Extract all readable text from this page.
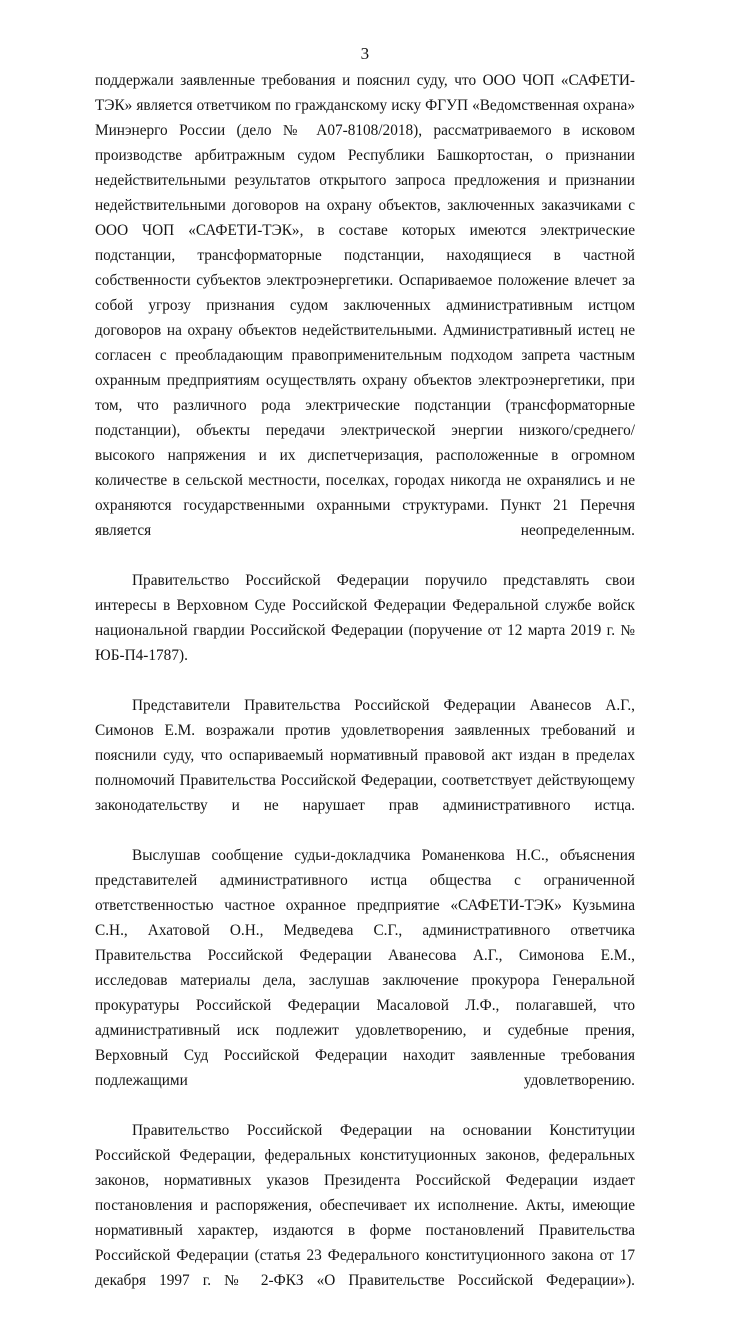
3

поддержали заявленные требования и пояснил суду, что ООО ЧОП «САФЕТИ-ТЭК» является ответчиком по гражданскому иску ФГУП «Ведомственная охрана» Минэнерго России (дело № А07-8108/2018), рассматриваемого в исковом производстве арбитражным судом Республики Башкортостан, о признании недействительными результатов открытого запроса предложения и признании недействительными договоров на охрану объектов, заключенных заказчиками с ООО ЧОП «САФЕТИ-ТЭК», в составе которых имеются электрические подстанции, трансформаторные подстанции, находящиеся в частной собственности субъектов электроэнергетики. Оспариваемое положение влечет за собой угрозу признания судом заключенных административным истцом договоров на охрану объектов недействительными. Административный истец не согласен с преобладающим правоприменительным подходом запрета частным охранным предприятиям осуществлять охрану объектов электроэнергетики, при том, что различного рода электрические подстанции (трансформаторные подстанции), объекты передачи электрической энергии низкого/среднего/высокого напряжения и их диспетчеризация, расположенные в огромном количестве в сельской местности, поселках, городах никогда не охранялись и не охраняются государственными охранными структурами. Пункт 21 Перечня является неопределенным.

Правительство Российской Федерации поручило представлять свои интересы в Верховном Суде Российской Федерации Федеральной службе войск национальной гвардии Российской Федерации (поручение от 12 марта 2019 г. № ЮБ-П4-1787).

Представители Правительства Российской Федерации Аванесов А.Г., Симонов Е.М. возражали против удовлетворения заявленных требований и пояснили суду, что оспариваемый нормативный правовой акт издан в пределах полномочий Правительства Российской Федерации, соответствует действующему законодательству и не нарушает прав административного истца.

Выслушав сообщение судьи-докладчика Романенкова Н.С., объяснения представителей административного истца общества с ограниченной ответственностью частное охранное предприятие «САФЕТИ-ТЭК» Кузьмина С.Н., Ахатовой О.Н., Медведева С.Г., административного ответчика Правительства Российской Федерации Аванесова А.Г., Симонова Е.М., исследовав материалы дела, заслушав заключение прокурора Генеральной прокуратуры Российской Федерации Масаловой Л.Ф., полагавшей, что административный иск подлежит удовлетворению, и судебные прения, Верховный Суд Российской Федерации находит заявленные требования подлежащими удовлетворению.

Правительство Российской Федерации на основании Конституции Российской Федерации, федеральных конституционных законов, федеральных законов, нормативных указов Президента Российской Федерации издает постановления и распоряжения, обеспечивает их исполнение. Акты, имеющие нормативный характер, издаются в форме постановлений Правительства Российской Федерации (статья 23 Федерального конституционного закона от 17 декабря 1997 г. № 2-ФКЗ «О Правительстве Российской Федерации»).
